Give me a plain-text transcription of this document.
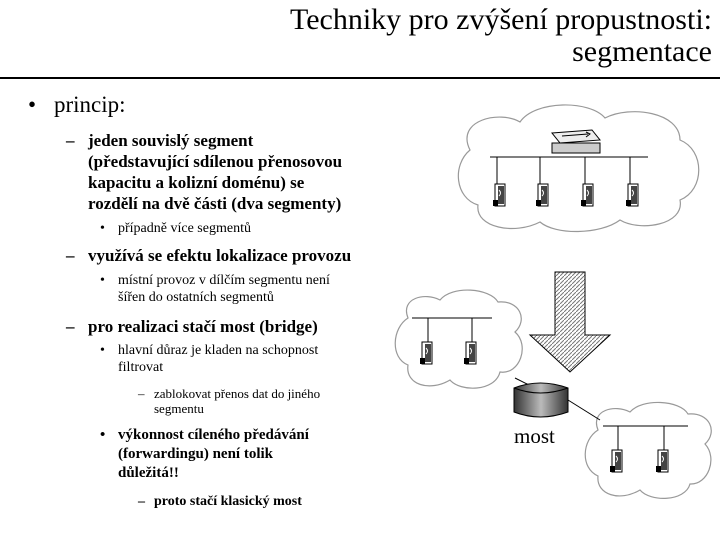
Techniky pro zvýšení propustnosti:
segmentace
• princip:
– jeden souvislý segment
(představující sdílenou přenosovou
kapacitu a kolizní doménu) se
rozdělí na dvě části (dva segmenty)
• případně více segmentů
– využívá se efektu lokalizace provozu
• místní provoz v dílčím segmentu není
šířen do ostatních segmentů
– pro realizaci stačí most (bridge)
• hlavní důraz je kladen na schopnost
filtrovat
– zablokovat přenos dat do jiného
segmentu
• výkonnost cíleného předávání
(forwardingu) není tolik
důležitá!!
– proto stačí klasický most
most
